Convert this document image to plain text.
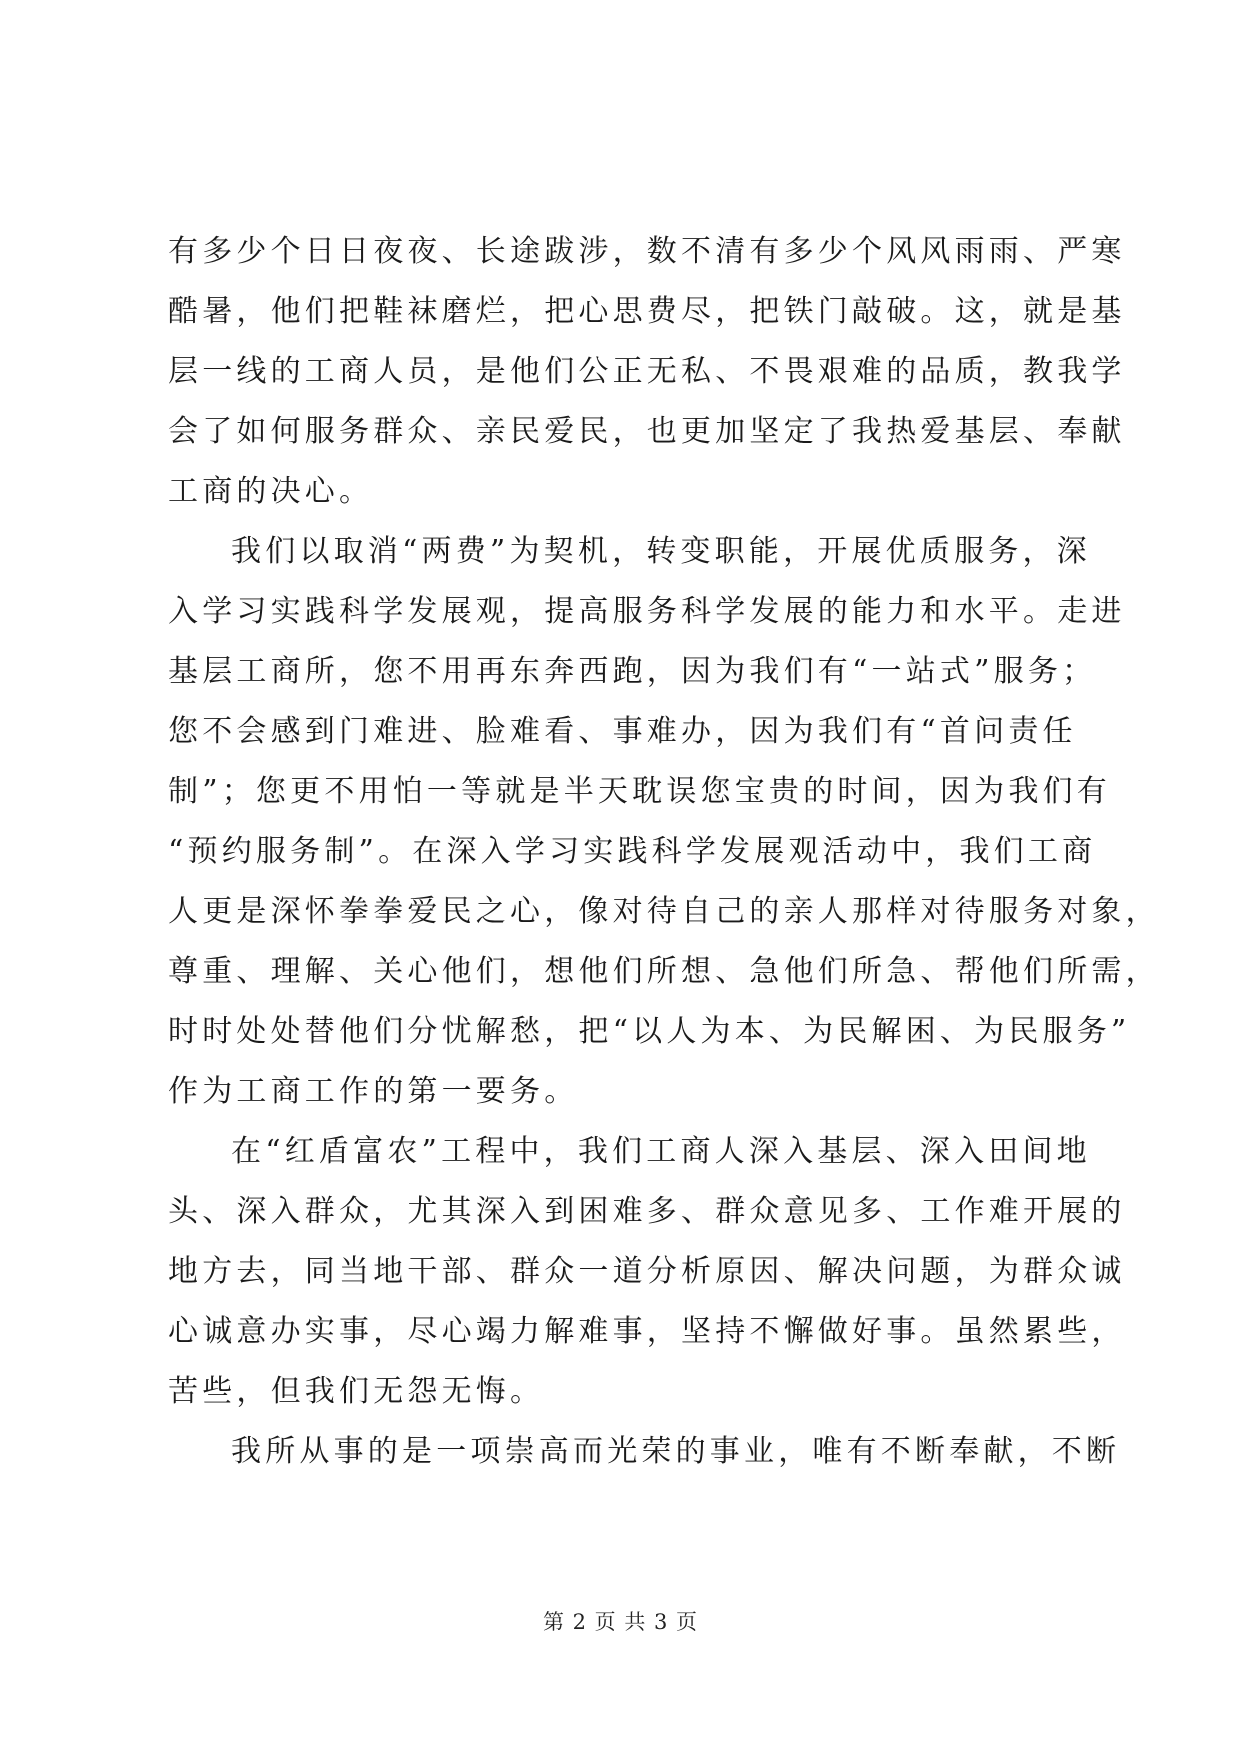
有多少个日日夜夜、长途跋涉，数不清有多少个风风雨雨、严寒
酷暑，他们把鞋袜磨烂，把心思费尽，把铁门敲破。这，就是基
层一线的工商人员，是他们公正无私、不畏艰难的品质，教我学
会了如何服务群众、亲民爱民，也更加坚定了我热爱基层、奉献
工商的决心。
我们以取消“两费”为契机，转变职能，开展优质服务，深
入学习实践科学发展观，提高服务科学发展的能力和水平。走进
基层工商所，您不用再东奔西跑，因为我们有“一站式”服务；
您不会感到门难进、脸难看、事难办，因为我们有“首问责任
制”；您更不用怕一等就是半天耽误您宝贵的时间，因为我们有
“预约服务制”。在深入学习实践科学发展观活动中，我们工商
人更是深怀拳拳爱民之心，像对待自己的亲人那样对待服务对象，
尊重、理解、关心他们，想他们所想、急他们所急、帮他们所需，
时时处处替他们分忧解愁，把“以人为本、为民解困、为民服务”
作为工商工作的第一要务。
在“红盾富农”工程中，我们工商人深入基层、深入田间地
头、深入群众，尤其深入到困难多、群众意见多、工作难开展的
地方去，同当地干部、群众一道分析原因、解决问题，为群众诚
心诚意办实事，尽心竭力解难事，坚持不懈做好事。虽然累些，
苦些，但我们无怨无悔。
我所从事的是一项崇高而光荣的事业，唯有不断奉献，不断
第 2 页 共 3 页
